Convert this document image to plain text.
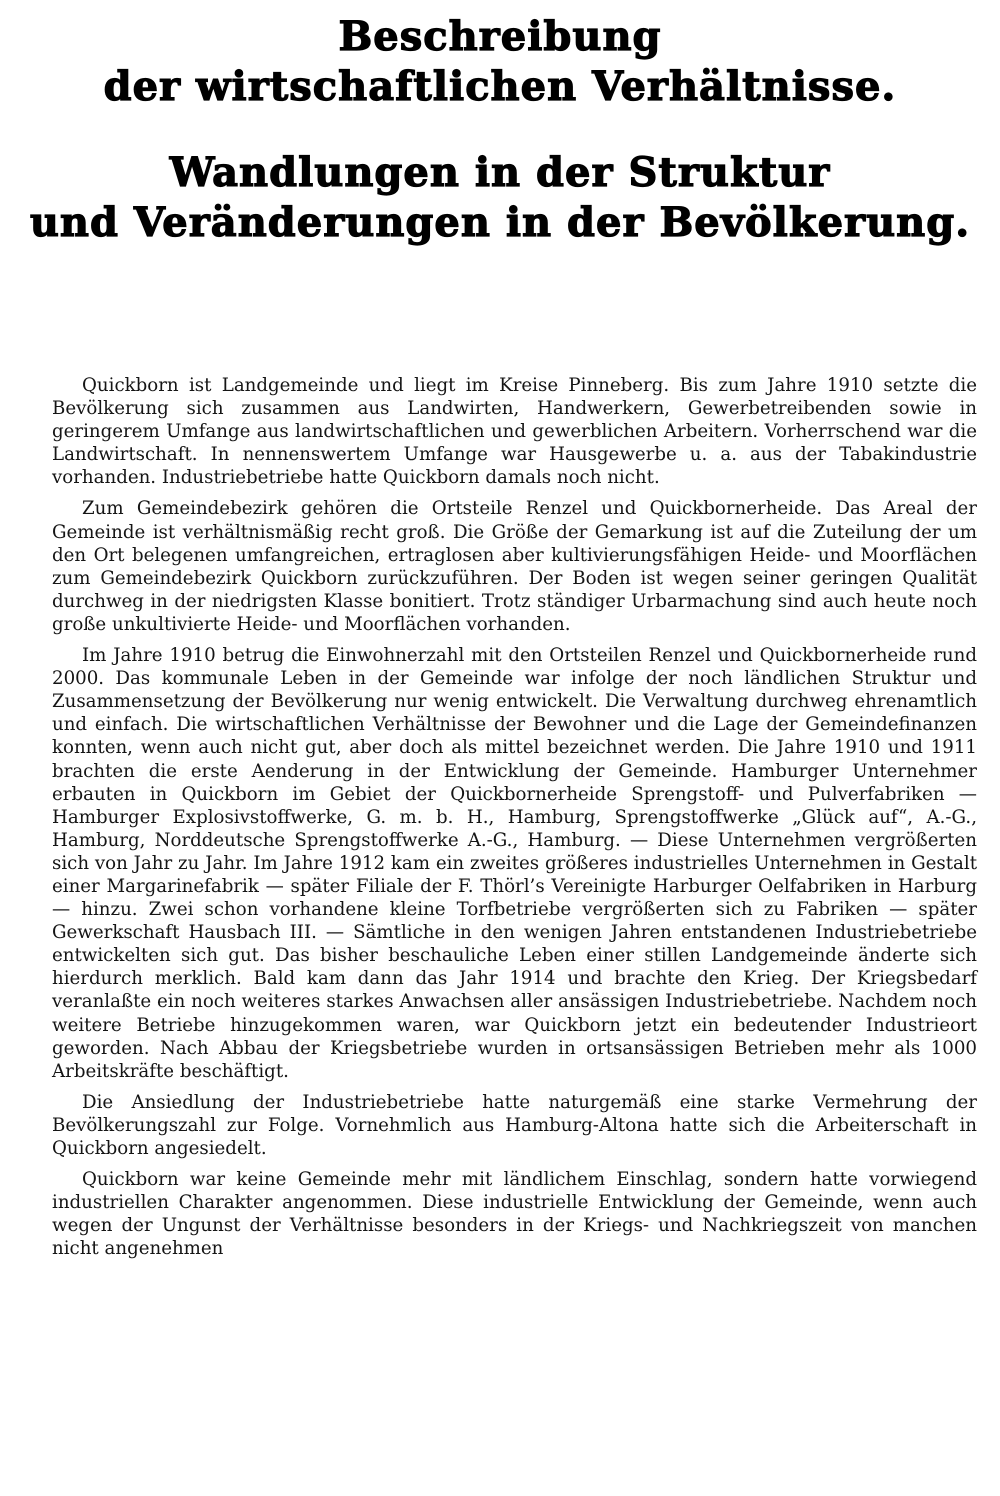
Beschreibung
der wirtschaftlichen Verhältnisse.
Wandlungen in der Struktur
und Veränderungen in der Bevölkerung.

Quickborn ist Landgemeinde und liegt im Kreise Pinneberg. Bis zum Jahre 1910 setzte die Bevölkerung sich zusammen aus Landwirten, Handwerkern, Gewerbetreibenden sowie in geringerem Umfange aus landwirtschaftlichen und gewerblichen Arbeitern. Vorherrschend war die Landwirtschaft. In nennenswertem Umfange war Hausgewerbe u. a. aus der Tabakindustrie vorhanden. Industriebetriebe hatte Quickborn damals noch nicht.

Zum Gemeindebezirk gehören die Ortsteile Renzel und Quickbornerheide. Das Areal der Gemeinde ist verhältnismäßig recht groß. Die Größe der Gemarkung ist auf die Zuteilung der um den Ort belegenen umfangreichen, ertraglosen aber kultivierungsfähigen Heide- und Moorflächen zum Gemeindebezirk Quickborn zurückzuführen. Der Boden ist wegen seiner geringen Qualität durchweg in der niedrigsten Klasse bonitiert. Trotz ständiger Urbarmachung sind auch heute noch große unkultivierte Heide- und Moorflächen vorhanden.

Im Jahre 1910 betrug die Einwohnerzahl mit den Ortsteilen Renzel und Quickbornerheide rund 2000. Das kommunale Leben in der Gemeinde war infolge der noch ländlichen Struktur und Zusammensetzung der Bevölkerung nur wenig entwickelt. Die Verwaltung durchweg ehrenamtlich und einfach. Die wirtschaftlichen Verhältnisse der Bewohner und die Lage der Gemeindefinanzen konnten, wenn auch nicht gut, aber doch als mittel bezeichnet werden. Die Jahre 1910 und 1911 brachten die erste Aenderung in der Entwicklung der Gemeinde. Hamburger Unternehmer erbauten in Quickborn im Gebiet der Quickbornerheide Sprengstoff- und Pulverfabriken — Hamburger Explosivstoffwerke, G. m. b. H., Hamburg, Sprengstoffwerke „Glück auf“, A.-G., Hamburg, Norddeutsche Sprengstoffwerke A.-G., Hamburg. — Diese Unternehmen vergrößerten sich von Jahr zu Jahr. Im Jahre 1912 kam ein zweites größeres industrielles Unternehmen in Gestalt einer Margarinefabrik — später Filiale der F. Thörl’s Vereinigte Harburger Oelfabriken in Harburg — hinzu. Zwei schon vorhandene kleine Torfbetriebe vergrößerten sich zu Fabriken — später Gewerkschaft Hausbach III. — Sämtliche in den wenigen Jahren entstandenen Industriebetriebe entwickelten sich gut. Das bisher beschauliche Leben einer stillen Landgemeinde änderte sich hierdurch merklich. Bald kam dann das Jahr 1914 und brachte den Krieg. Der Kriegsbedarf veranlaßte ein noch weiteres starkes Anwachsen aller ansässigen Industriebetriebe. Nachdem noch weitere Betriebe hinzugekommen waren, war Quickborn jetzt ein bedeutender Industrieort geworden. Nach Abbau der Kriegsbetriebe wurden in ortsansässigen Betrieben mehr als 1000 Arbeitskräfte beschäftigt.

Die Ansiedlung der Industriebetriebe hatte naturgemäß eine starke Vermehrung der Bevölkerungszahl zur Folge. Vornehmlich aus Hamburg-Altona hatte sich die Arbeiterschaft in Quickborn angesiedelt.

Quickborn war keine Gemeinde mehr mit ländlichem Einschlag, sondern hatte vorwiegend industriellen Charakter angenommen. Diese industrielle Entwicklung der Gemeinde, wenn auch wegen der Ungunst der Verhältnisse besonders in der Kriegs- und Nachkriegszeit von manchen nicht angenehmen
